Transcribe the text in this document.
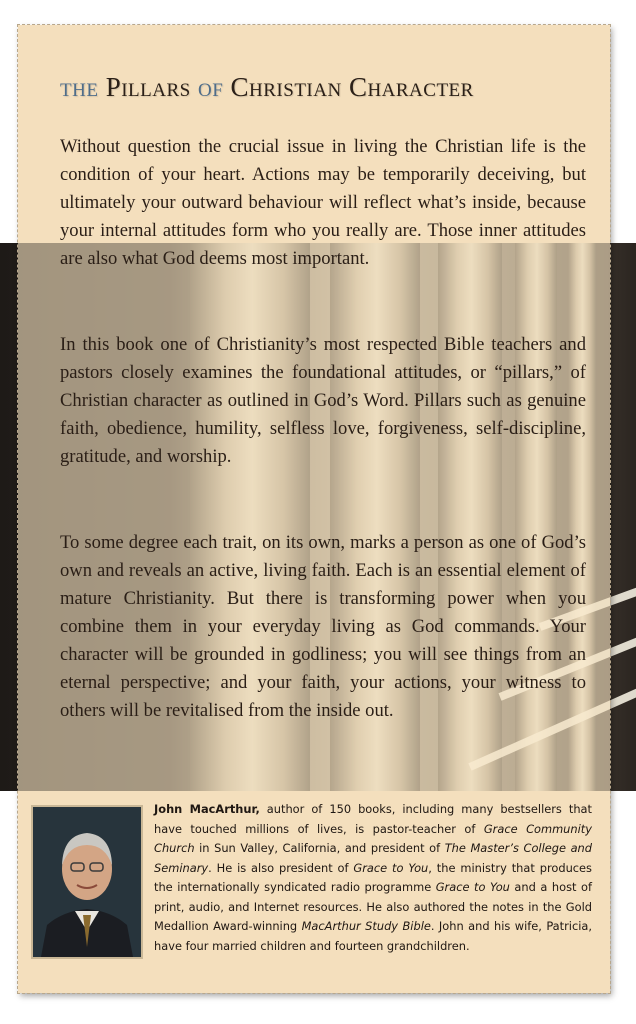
the Pillars of Christian Character

Without question the crucial issue in living the Christian life is the condition of your heart. Actions may be temporarily deceiving, but ultimately your outward behaviour will reflect what’s inside, because your internal attitudes form who you really are. Those inner attitudes are also what God deems most important.

In this book one of Christianity’s most respected Bible teachers and pastors closely examines the foundational attitudes, or “pillars,” of Christian character as outlined in God’s Word. Pillars such as genuine faith, obedience, humility, selfless love, forgiveness, self-discipline, gratitude, and worship.

To some degree each trait, on its own, marks a person as one of God’s own and reveals an active, living faith. Each is an essential element of mature Christianity. But there is transforming power when you combine them in your everyday living as God commands. Your character will be grounded in godliness; you will see things from an eternal perspective; and your faith, your actions, your witness to others will be revitalised from the inside out.

John MacArthur, author of 150 books, including many bestsellers that have touched millions of lives, is pastor-teacher of Grace Community Church in Sun Valley, California, and president of The Master’s College and Seminary. He is also president of Grace to You, the ministry that produces the internationally syndicated radio programme Grace to You and a host of print, audio, and Internet resources. He also authored the notes in the Gold Medallion Award-winning MacArthur Study Bible. John and his wife, Patricia, have four married children and fourteen grandchildren.
